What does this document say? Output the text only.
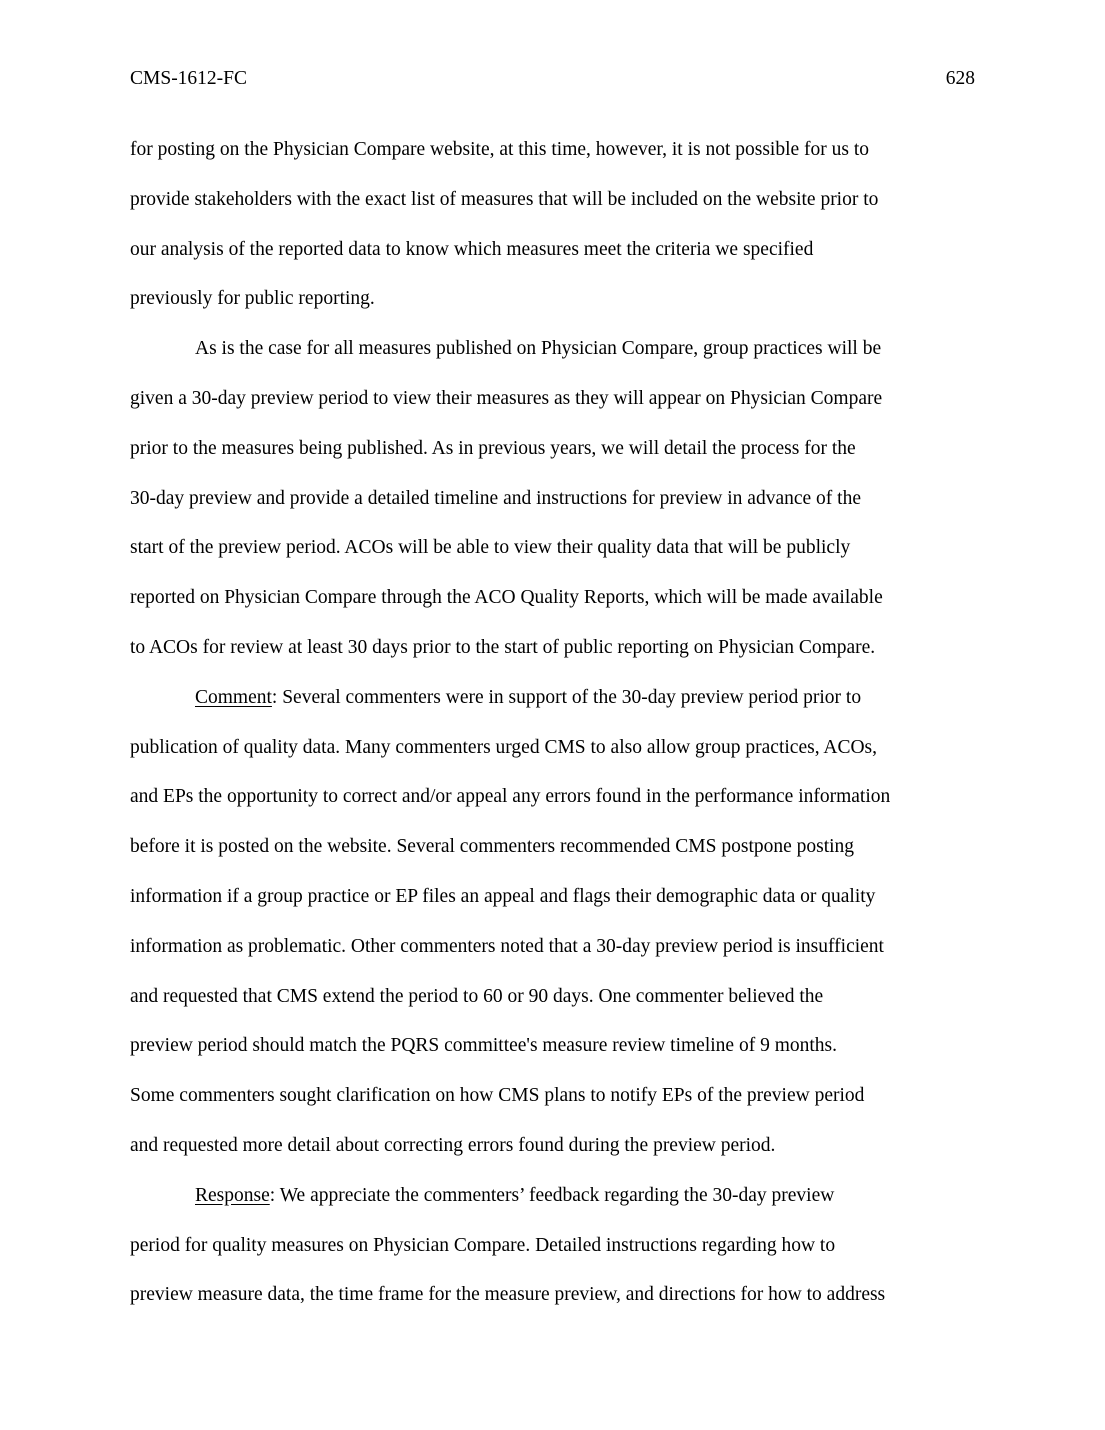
CMS-1612-FC	628
for posting on the Physician Compare website, at this time, however, it is not possible for us to
provide stakeholders with the exact list of measures that will be included on the website prior to
our analysis of the reported data to know which measures meet the criteria we specified
previously for public reporting.
As is the case for all measures published on Physician Compare, group practices will be
given a 30-day preview period to view their measures as they will appear on Physician Compare
prior to the measures being published. As in previous years, we will detail the process for the
30-day preview and provide a detailed timeline and instructions for preview in advance of the
start of the preview period. ACOs will be able to view their quality data that will be publicly
reported on Physician Compare through the ACO Quality Reports, which will be made available
to ACOs for review at least 30 days prior to the start of public reporting on Physician Compare.
Comment: Several commenters were in support of the 30-day preview period prior to
publication of quality data. Many commenters urged CMS to also allow group practices, ACOs,
and EPs the opportunity to correct and/or appeal any errors found in the performance information
before it is posted on the website. Several commenters recommended CMS postpone posting
information if a group practice or EP files an appeal and flags their demographic data or quality
information as problematic. Other commenters noted that a 30-day preview period is insufficient
and requested that CMS extend the period to 60 or 90 days. One commenter believed the
preview period should match the PQRS committee's measure review timeline of 9 months.
Some commenters sought clarification on how CMS plans to notify EPs of the preview period
and requested more detail about correcting errors found during the preview period.
Response: We appreciate the commenters’ feedback regarding the 30-day preview
period for quality measures on Physician Compare. Detailed instructions regarding how to
preview measure data, the time frame for the measure preview, and directions for how to address
